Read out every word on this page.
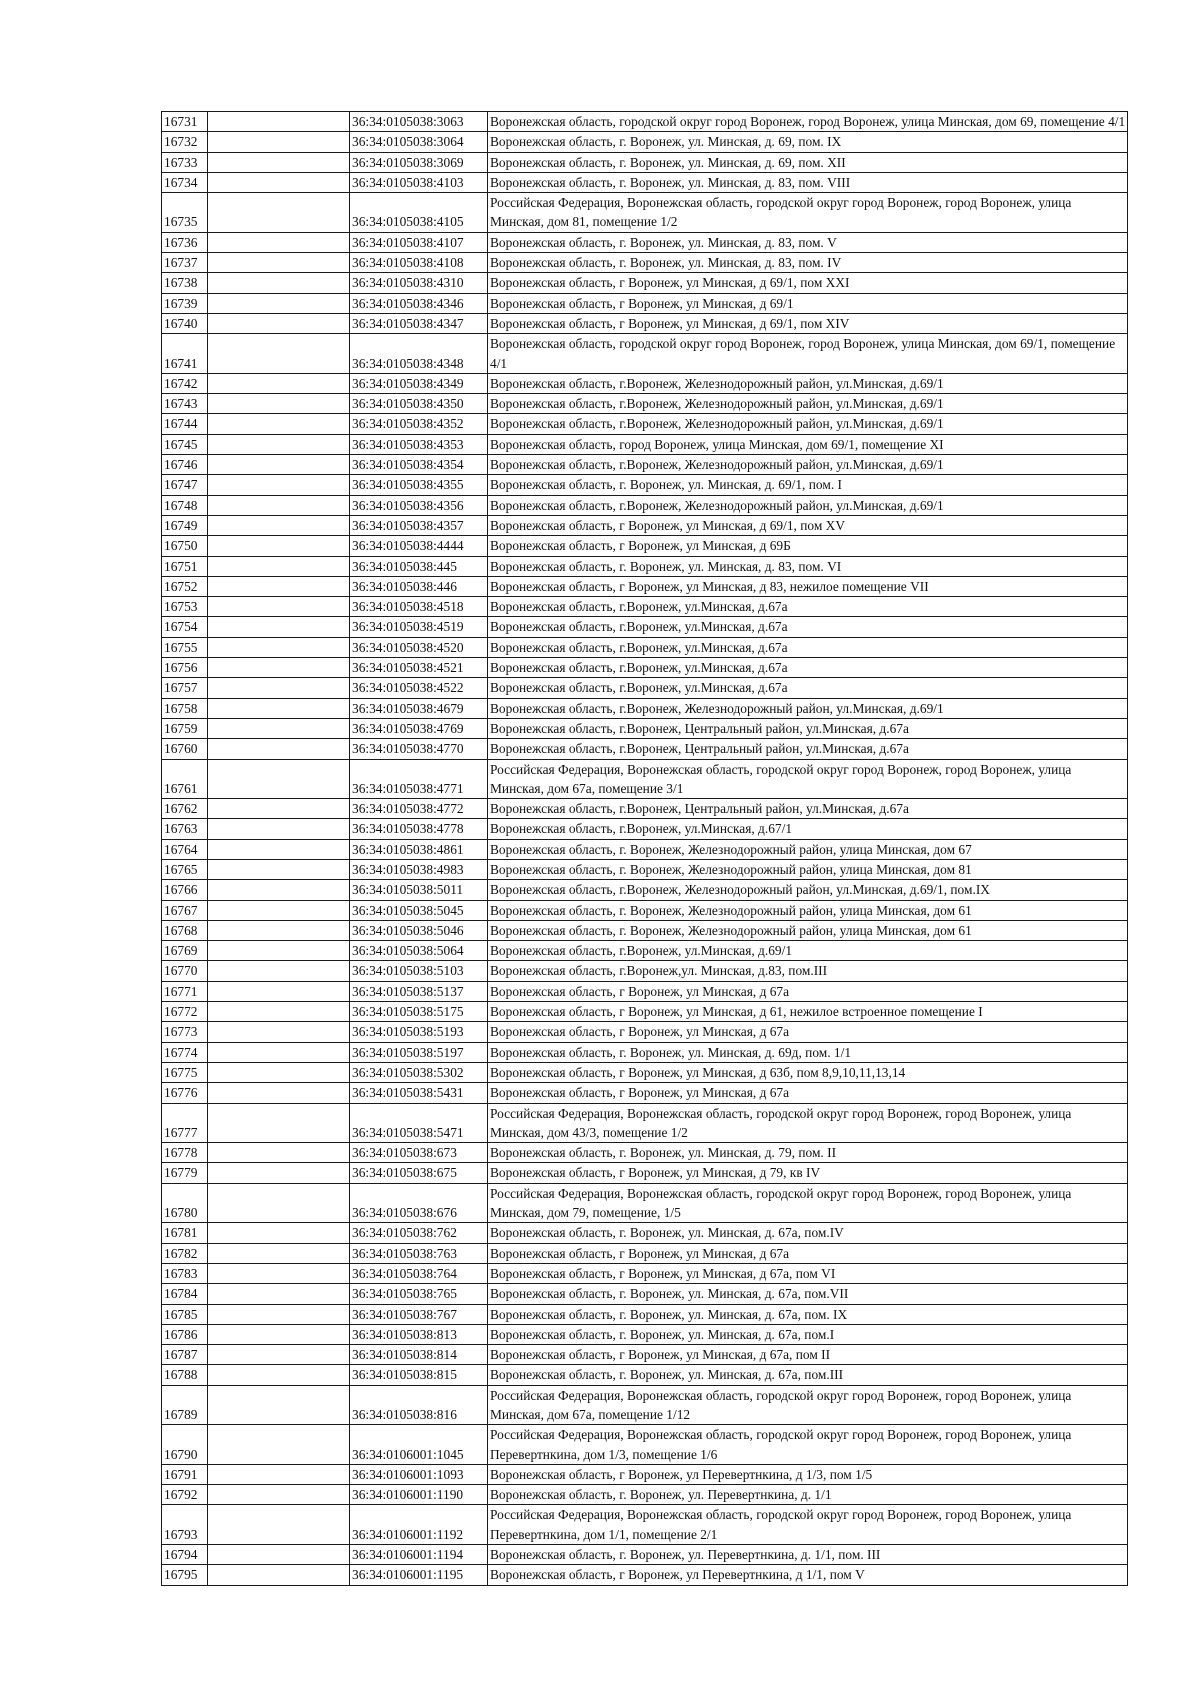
16731		36:34:0105038:3063	Воронежская область, городской округ город Воронеж, город Воронеж, улица Минская, дом 69, помещение 4/1
16732		36:34:0105038:3064	Воронежская область, г. Воронеж, ул. Минская, д. 69, пом. IX
16733		36:34:0105038:3069	Воронежская область, г. Воронеж, ул. Минская, д. 69, пом. XII
16734		36:34:0105038:4103	Воронежская область, г. Воронеж, ул. Минская, д. 83, пом. VIII
16735		36:34:0105038:4105	Российская Федерация, Воронежская область, городской округ город Воронеж, город Воронеж, улица Минская, дом 81, помещение 1/2
16736		36:34:0105038:4107	Воронежская область, г. Воронеж, ул. Минская, д. 83, пом. V
16737		36:34:0105038:4108	Воронежская область, г. Воронеж, ул. Минская, д. 83, пом. IV
16738		36:34:0105038:4310	Воронежская область, г Воронеж, ул Минская, д 69/1, пом XXI
16739		36:34:0105038:4346	Воронежская область, г Воронеж, ул Минская, д 69/1
16740		36:34:0105038:4347	Воронежская область, г Воронеж, ул Минская, д 69/1, пом XIV
16741		36:34:0105038:4348	Воронежская область, городской округ город Воронеж, город Воронеж, улица Минская, дом 69/1, помещение 4/1
16742		36:34:0105038:4349	Воронежская область, г.Воронеж, Железнодорожный район, ул.Минская, д.69/1
16743		36:34:0105038:4350	Воронежская область, г.Воронеж, Железнодорожный район, ул.Минская, д.69/1
16744		36:34:0105038:4352	Воронежская область, г.Воронеж, Железнодорожный район, ул.Минская, д.69/1
16745		36:34:0105038:4353	Воронежская область, город Воронеж, улица Минская, дом 69/1, помещение XI
16746		36:34:0105038:4354	Воронежская область, г.Воронеж, Железнодорожный район, ул.Минская, д.69/1
16747		36:34:0105038:4355	Воронежская область, г. Воронеж, ул. Минская, д. 69/1, пом. I
16748		36:34:0105038:4356	Воронежская область, г.Воронеж, Железнодорожный район, ул.Минская, д.69/1
16749		36:34:0105038:4357	Воронежская область, г Воронеж, ул Минская, д 69/1, пом XV
16750		36:34:0105038:4444	Воронежская область, г Воронеж, ул Минская, д 69Б
16751		36:34:0105038:445	Воронежская область, г. Воронеж, ул. Минская, д. 83, пом. VI
16752		36:34:0105038:446	Воронежская область, г Воронеж, ул Минская, д 83, нежилое помещение VII
16753		36:34:0105038:4518	Воронежская область, г.Воронеж, ул.Минская, д.67а
16754		36:34:0105038:4519	Воронежская область, г.Воронеж, ул.Минская, д.67а
16755		36:34:0105038:4520	Воронежская область, г.Воронеж, ул.Минская, д.67а
16756		36:34:0105038:4521	Воронежская область, г.Воронеж, ул.Минская, д.67а
16757		36:34:0105038:4522	Воронежская область, г.Воронеж, ул.Минская, д.67а
16758		36:34:0105038:4679	Воронежская область, г.Воронеж, Железнодорожный район, ул.Минская, д.69/1
16759		36:34:0105038:4769	Воронежская область, г.Воронеж, Центральный район, ул.Минская, д.67а
16760		36:34:0105038:4770	Воронежская область, г.Воронеж, Центральный район, ул.Минская, д.67а
16761		36:34:0105038:4771	Российская Федерация, Воронежская область, городской округ город Воронеж, город Воронеж, улица Минская, дом 67а, помещение 3/1
16762		36:34:0105038:4772	Воронежская область, г.Воронеж, Центральный район, ул.Минская, д.67а
16763		36:34:0105038:4778	Воронежская область, г.Воронеж, ул.Минская, д.67/1
16764		36:34:0105038:4861	Воронежская область, г. Воронеж, Железнодорожный район, улица Минская, дом 67
16765		36:34:0105038:4983	Воронежская область, г. Воронеж, Железнодорожный район, улица Минская, дом 81
16766		36:34:0105038:5011	Воронежская область, г.Воронеж, Железнодорожный район, ул.Минская, д.69/1, пом.IX
16767		36:34:0105038:5045	Воронежская область, г. Воронеж, Железнодорожный район, улица Минская, дом 61
16768		36:34:0105038:5046	Воронежская область, г. Воронеж, Железнодорожный район, улица Минская, дом 61
16769		36:34:0105038:5064	Воронежская область, г.Воронеж, ул.Минская, д.69/1
16770		36:34:0105038:5103	Воронежская область, г.Воронеж,ул. Минская, д.83, пом.III
16771		36:34:0105038:5137	Воронежская область, г Воронеж, ул Минская, д 67а
16772		36:34:0105038:5175	Воронежская область, г Воронеж, ул Минская, д 61, нежилое встроенное помещение I
16773		36:34:0105038:5193	Воронежская область, г Воронеж, ул Минская, д 67а
16774		36:34:0105038:5197	Воронежская область, г. Воронеж, ул. Минская, д. 69д, пом. 1/1
16775		36:34:0105038:5302	Воронежская область, г Воронеж, ул Минская, д 63б, пом 8,9,10,11,13,14
16776		36:34:0105038:5431	Воронежская область, г Воронеж, ул Минская, д 67а
16777		36:34:0105038:5471	Российская Федерация, Воронежская область, городской округ город Воронеж, город Воронеж, улица Минская, дом 43/3, помещение 1/2
16778		36:34:0105038:673	Воронежская область, г. Воронеж, ул. Минская, д. 79, пом. II
16779		36:34:0105038:675	Воронежская область, г Воронеж, ул Минская, д 79, кв IV
16780		36:34:0105038:676	Российская Федерация, Воронежская область, городской округ город Воронеж, город Воронеж, улица Минская, дом 79, помещение, 1/5
16781		36:34:0105038:762	Воронежская область, г. Воронеж, ул. Минская, д. 67а, пом.IV
16782		36:34:0105038:763	Воронежская область, г Воронеж, ул Минская, д 67а
16783		36:34:0105038:764	Воронежская область, г Воронеж, ул Минская, д 67а, пом VI
16784		36:34:0105038:765	Воронежская область, г. Воронеж, ул. Минская, д. 67а, пом.VII
16785		36:34:0105038:767	Воронежская область, г. Воронеж, ул. Минская, д. 67а, пом. IX
16786		36:34:0105038:813	Воронежская область, г. Воронеж, ул. Минская, д. 67а, пом.I
16787		36:34:0105038:814	Воронежская область, г Воронеж, ул Минская, д 67а, пом II
16788		36:34:0105038:815	Воронежская область, г. Воронеж, ул. Минская, д. 67а, пом.III
16789		36:34:0105038:816	Российская Федерация, Воронежская область, городской округ город Воронеж, город Воронеж, улица Минская, дом 67а, помещение 1/12
16790		36:34:0106001:1045	Российская Федерация, Воронежская область, городской округ город Воронеж, город Воронеж, улица Перевертнкина, дом 1/3, помещение 1/6
16791		36:34:0106001:1093	Воронежская область, г Воронеж, ул Перевертнкина, д 1/3, пом 1/5
16792		36:34:0106001:1190	Воронежская область, г. Воронеж, ул. Перевертнкина, д. 1/1
16793		36:34:0106001:1192	Российская Федерация, Воронежская область, городской округ город Воронеж, город Воронеж, улица Перевертнкина, дом 1/1, помещение 2/1
16794		36:34:0106001:1194	Воронежская область, г. Воронеж, ул. Перевертнкина, д. 1/1, пом. III
16795		36:34:0106001:1195	Воронежская область, г Воронеж, ул Перевертнкина, д 1/1, пом V
